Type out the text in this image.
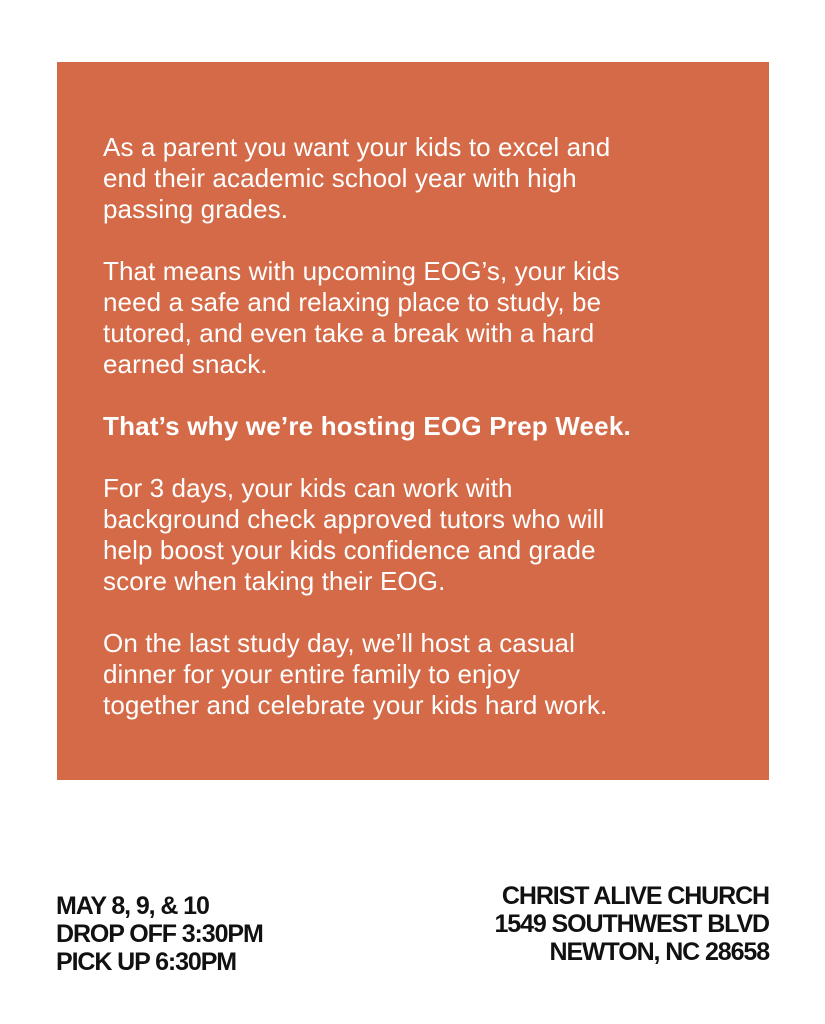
As a parent you want your kids to excel and
end their academic school year with high
passing grades.

That means with upcoming EOG’s, your kids
need a safe and relaxing place to study, be
tutored, and even take a break with a hard
earned snack.

That’s why we’re hosting EOG Prep Week.

For 3 days, your kids can work with
background check approved tutors who will
help boost your kids confidence and grade
score when taking their EOG.

On the last study day, we’ll host a casual
dinner for your entire family to enjoy
together and celebrate your kids hard work.

MAY 8, 9, & 10
DROP OFF 3:30PM
PICK UP 6:30PM
CHRIST ALIVE CHURCH
1549 SOUTHWEST BLVD
NEWTON, NC 28658
